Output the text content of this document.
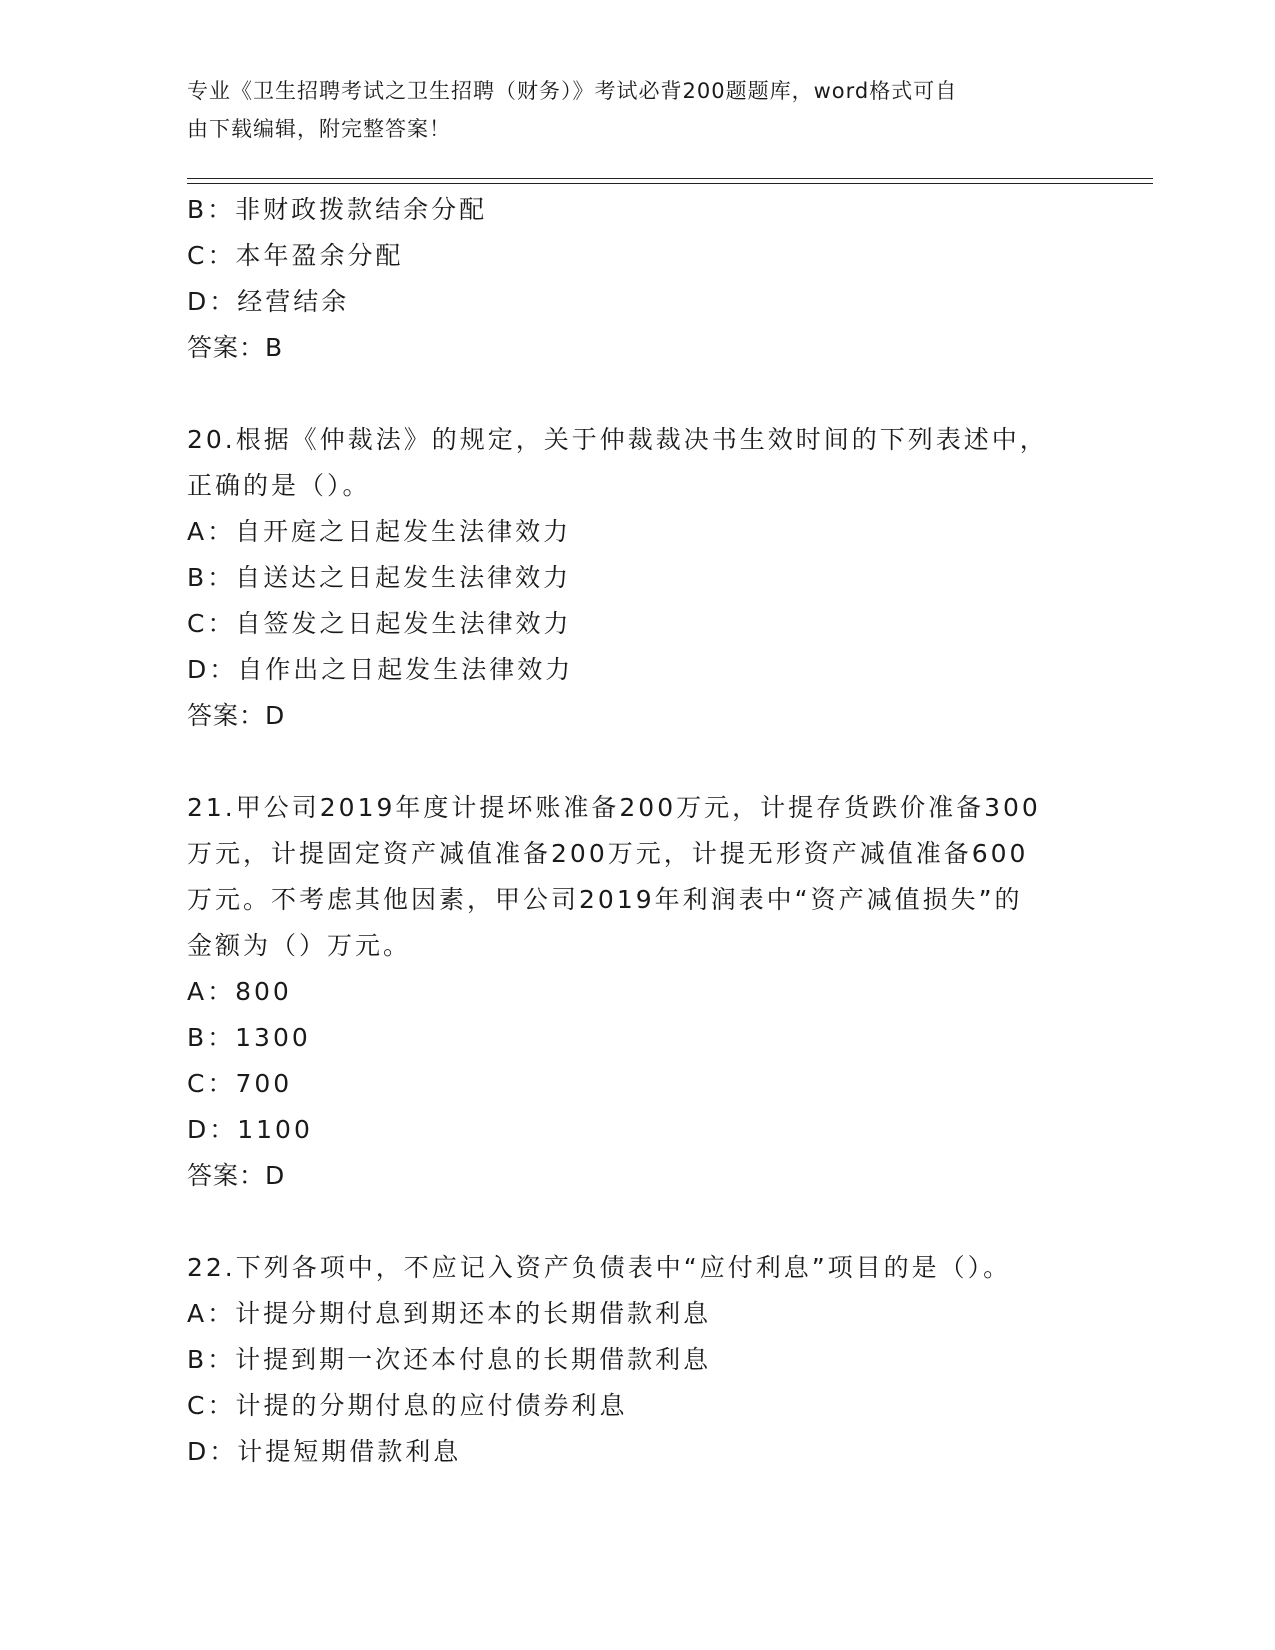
专业《卫生招聘考试之卫生招聘（财务）》考试必背200题题库，word格式可自
由下载编辑，附完整答案！
B：非财政拨款结余分配
C：本年盈余分配
D：经营结余
答案：B
20.根据《仲裁法》的规定，关于仲裁裁决书生效时间的下列表述中，
正确的是（）。
A：自开庭之日起发生法律效力
B：自送达之日起发生法律效力
C：自签发之日起发生法律效力
D：自作出之日起发生法律效力
答案：D
21.甲公司2019年度计提坏账准备200万元，计提存货跌价准备300
万元，计提固定资产减值准备200万元，计提无形资产减值准备600
万元。不考虑其他因素，甲公司2019年利润表中“资产减值损失”的
金额为（）万元。
A：800
B：1300
C：700
D：1100
答案：D
22.下列各项中，不应记入资产负债表中“应付利息”项目的是（）。
A：计提分期付息到期还本的长期借款利息
B：计提到期一次还本付息的长期借款利息
C：计提的分期付息的应付债券利息
D：计提短期借款利息
